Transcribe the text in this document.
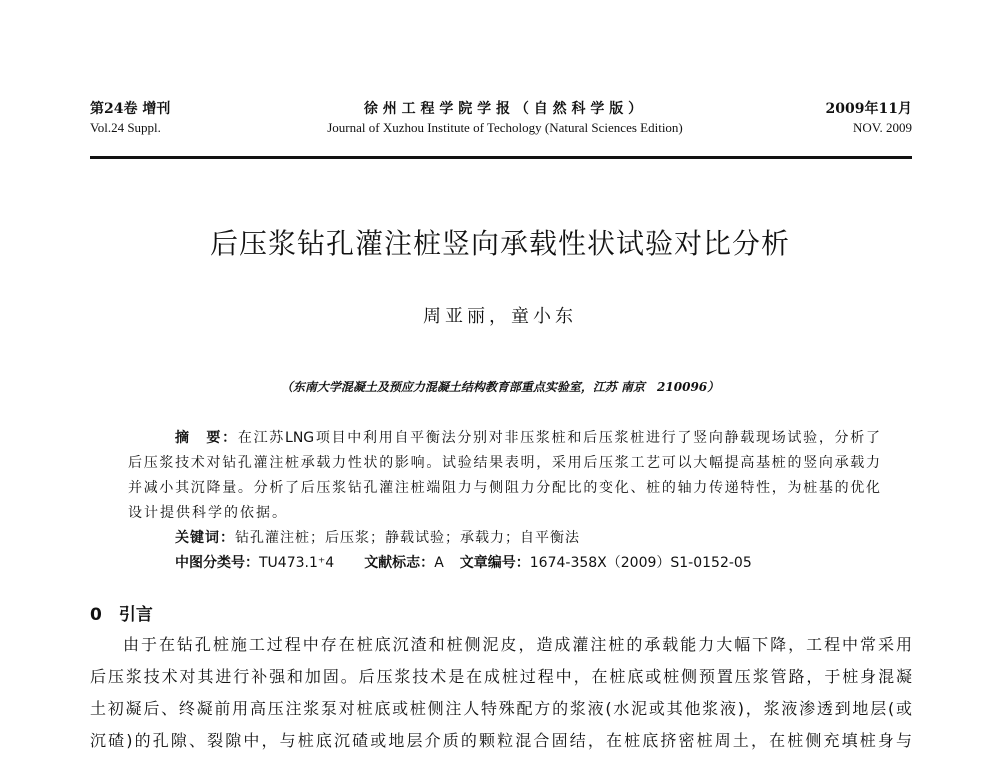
第24卷 增刊
Vol.24 Suppl.
徐 州 工 程 学 院 学 报 （ 自 然 科 学 版 ）
Journal of Xuzhou Institute of Techology (Natural Sciences Edition)
2009年11月
NOV. 2009
后压浆钻孔灌注桩竖向承载性状试验对比分析
周亚丽，童小东
（东南大学混凝土及预应力混凝土结构教育部重点实验室，江苏 南京　210096）
摘　要：在江苏LNG项目中利用自平衡法分别对非压浆桩和后压浆桩进行了竖向静载现场试验，分析了
后压浆技术对钻孔灌注桩承载力性状的影响。试验结果表明，采用后压浆工艺可以大幅提高基桩的竖向承载力
并减小其沉降量。分析了后压浆钻孔灌注桩端阻力与侧阻力分配比的变化、桩的轴力传递特性，为桩基的优化
设计提供科学的依据。
关键词：钻孔灌注桩；后压浆；静载试验；承载力；自平衡法
中图分类号：TU473.1⁺4 文献标志：A 文章编号：1674-358X（2009）S1-0152-05
0　引言
由于在钻孔桩施工过程中存在桩底沉渣和桩侧泥皮，造成灌注桩的承载能力大幅下降，工程中常采用
后压浆技术对其进行补强和加固。后压浆技术是在成桩过程中，在桩底或桩侧预置压浆管路，于桩身混凝
土初凝后、终凝前用高压注浆泵对桩底或桩侧注人特殊配方的浆液(水泥或其他浆液)，浆液渗透到地层(或
沉碴)的孔隙、裂隙中，与桩底沉碴或地层介质的颗粒混合固结，在桩底挤密桩周土，在桩侧充填桩身与
